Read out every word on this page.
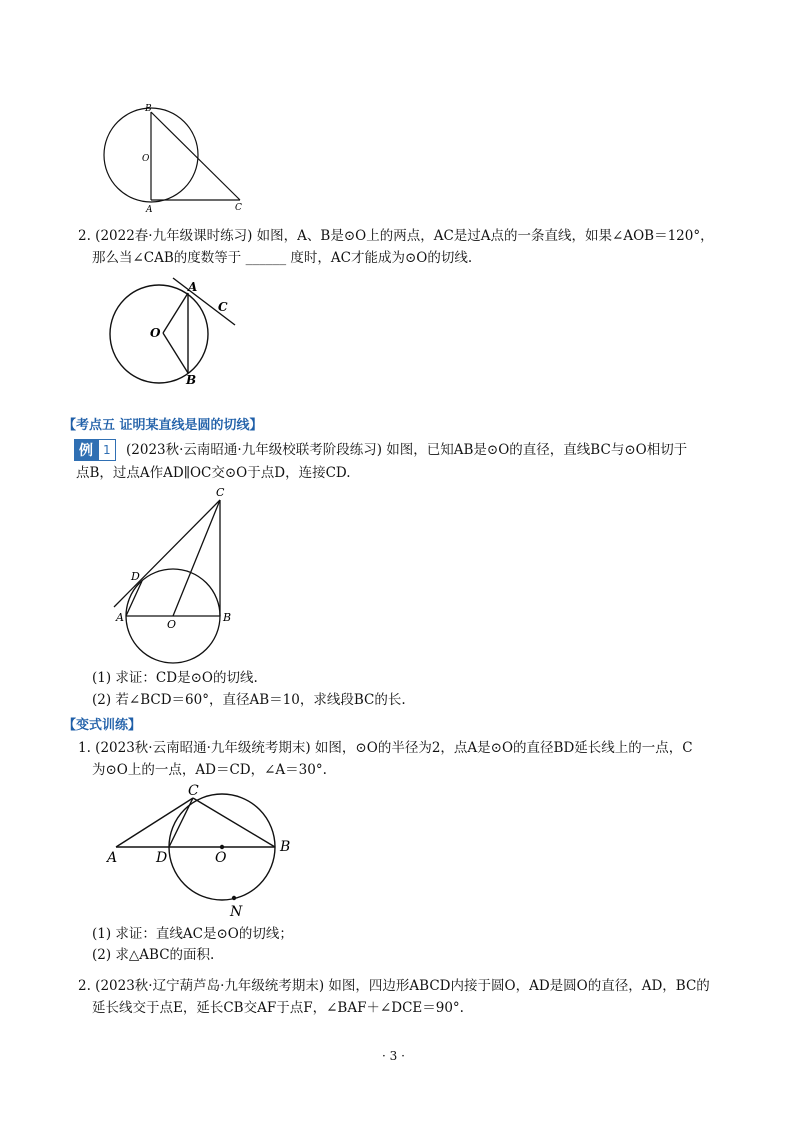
B
O
A	C
2. (2022春·九年级课时练习) 如图，A、B是⊙O上的两点，AC是过A点的一条直线，如果∠AOB＝120°，
那么当∠CAB的度数等于 ______ 度时，AC才能成为⊙O的切线.
A
C
O
B
【考点五 证明某直线是圆的切线】
例 1	(2023秋·云南昭通·九年级校联考阶段练习) 如图，已知AB是⊙O的直径，直线BC与⊙O相切于
点B，过点A作AD∥OC交⊙O于点D，连接CD.
C
D
A
O
B
(1) 求证：CD是⊙O的切线.
(2) 若∠BCD＝60°，直径AB＝10，求线段BC的长.
【变式训练】
1. (2023秋·云南昭通·九年级统考期末) 如图，⊙O的半径为2，点A是⊙O的直径BD延长线上的一点，C
为⊙O上的一点，AD＝CD，∠A＝30°.
C
A	D	O
B
N
(1) 求证：直线AC是⊙O的切线；
(2) 求△ABC的面积.
2. (2023秋·辽宁葫芦岛·九年级统考期末) 如图，四边形ABCD内接于圆O，AD是圆O的直径，AD，BC的
延长线交于点E，延长CB交AF于点F，∠BAF＋∠DCE＝90°.
· 3 ·
